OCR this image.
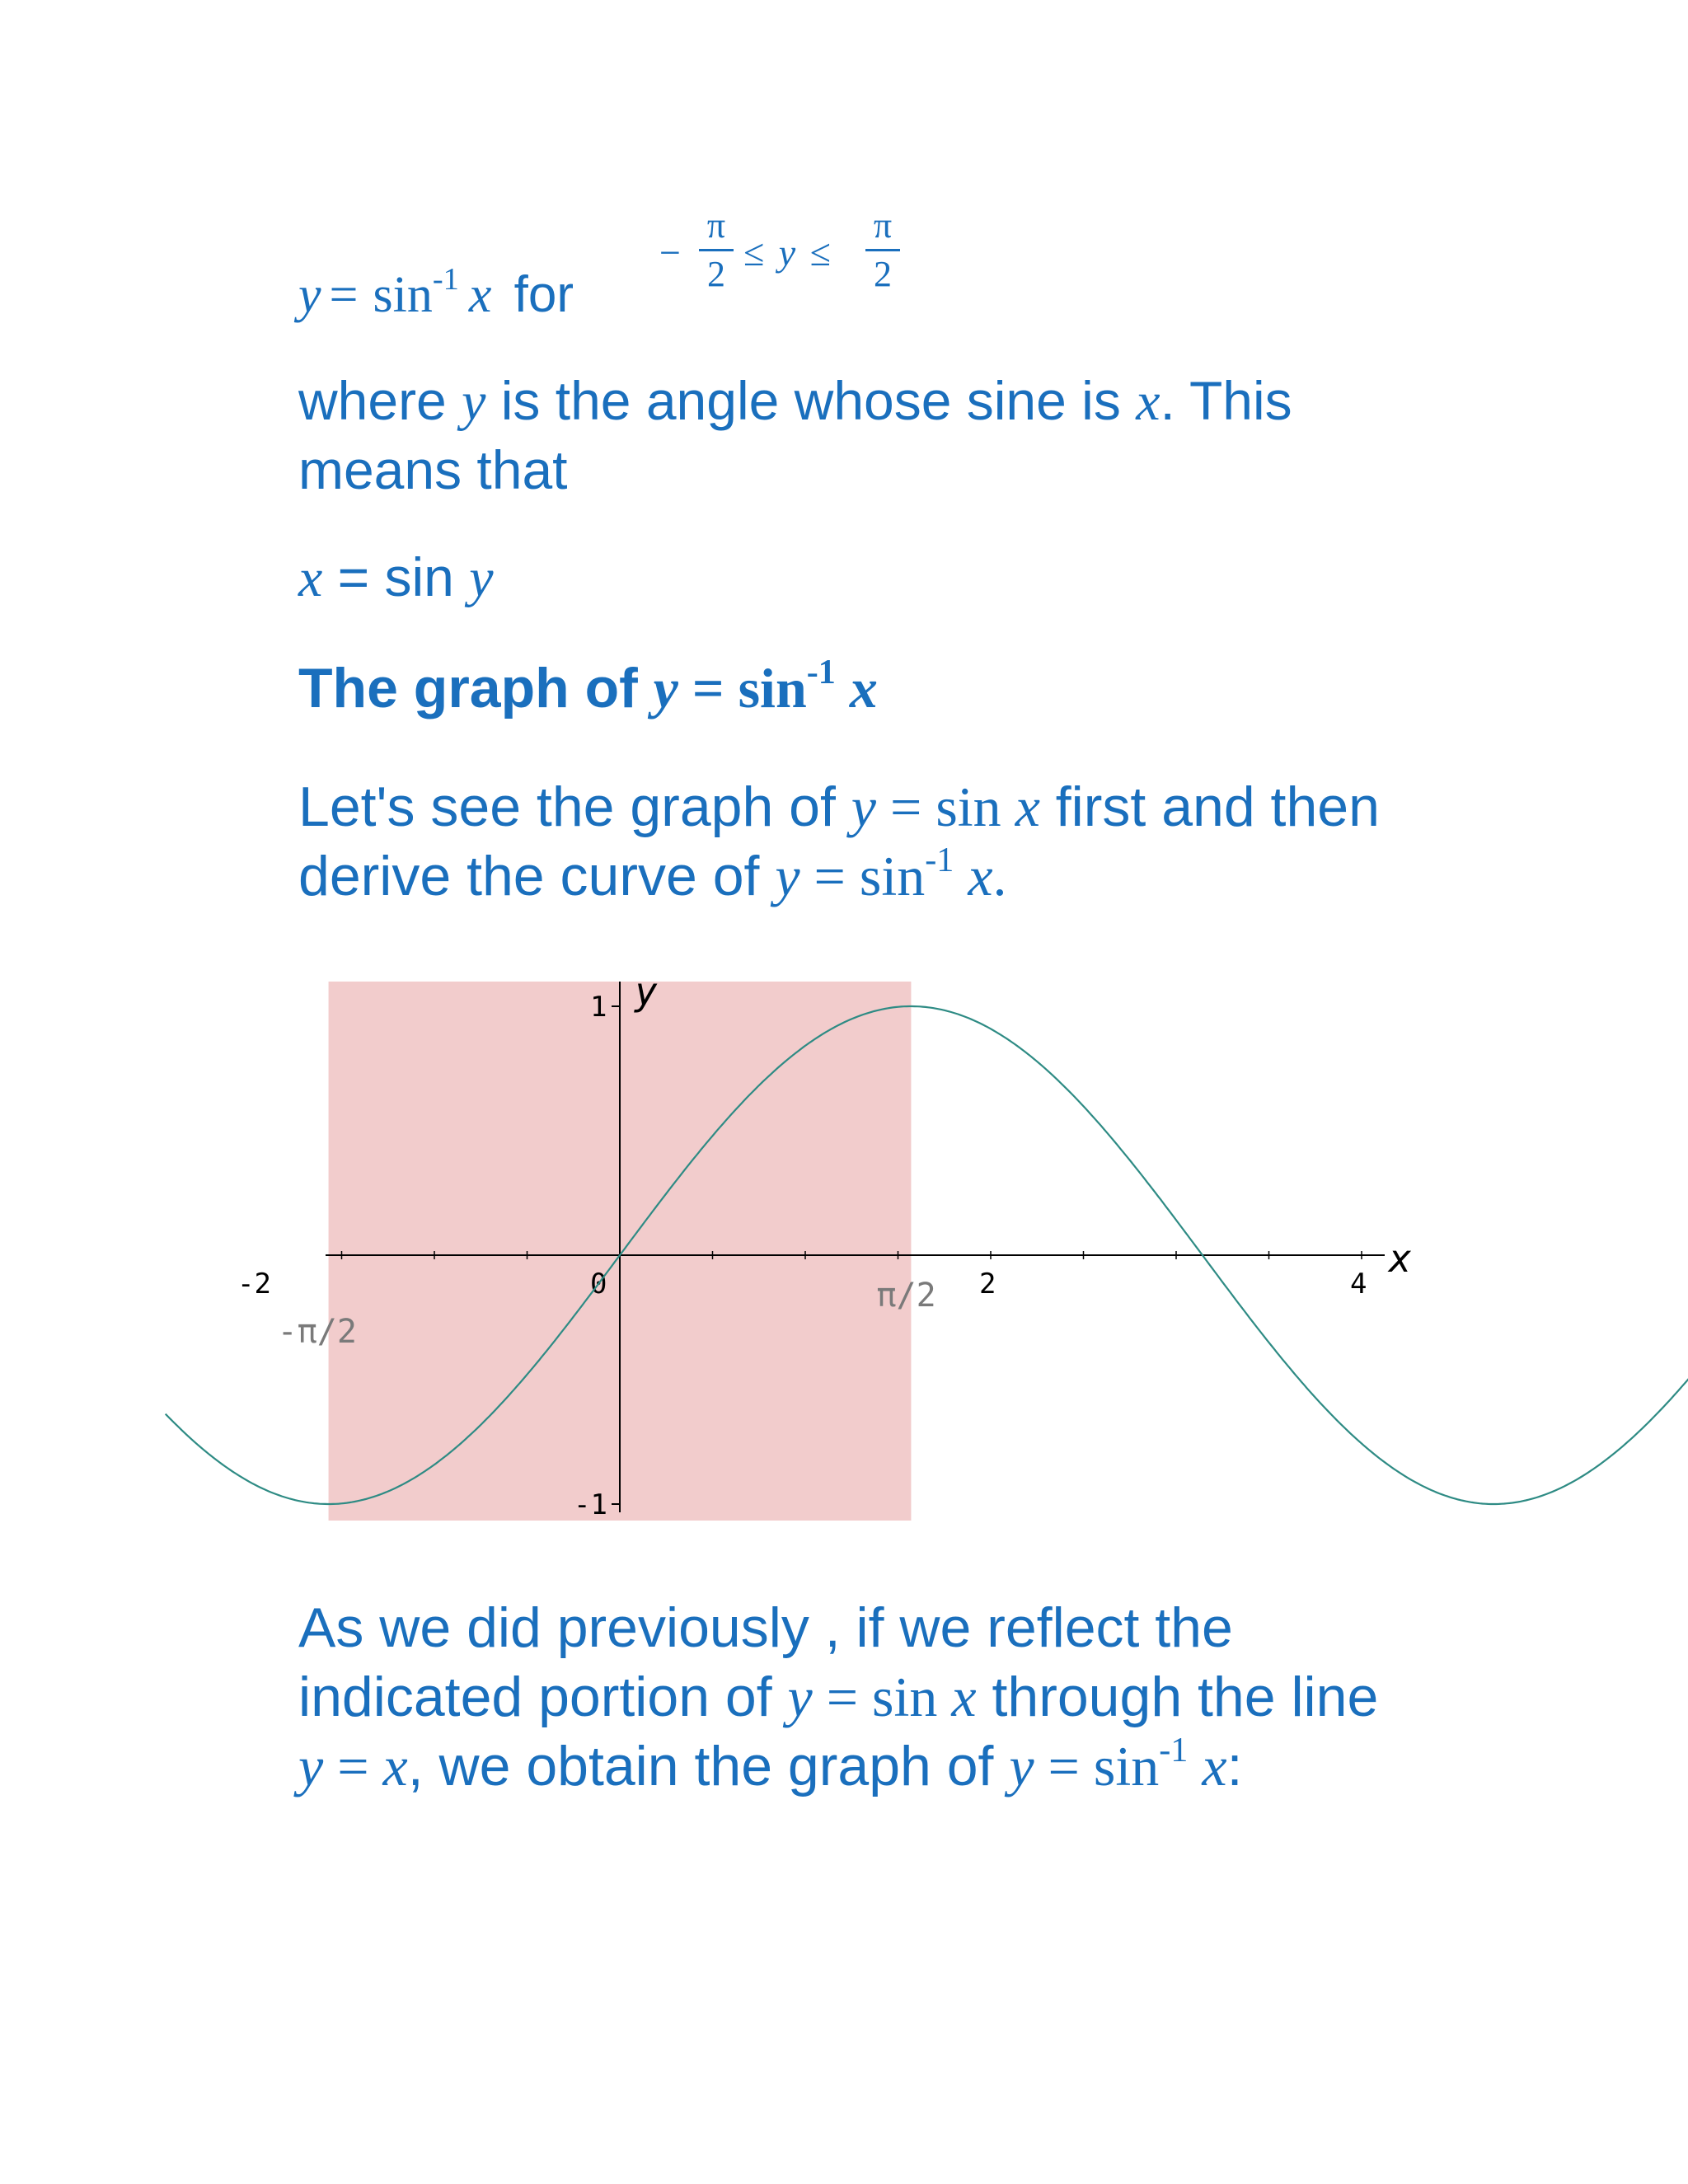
$y = \sin^{-1} x$ for
−
π
2
≤ y ≤
π
2
where y is the angle whose sine is x. This
means that
x = sin y
The graph of $y = \sin^{-1} x$
Let's see the graph of y = sin x first and then
derive the curve of $y = \sin^{-1} x$.
-2	0	2	4
1
-1
x
y
-π/2
π/2
As we did previously , if we reflect the
indicated portion of y = sin x through the line
y = x, we obtain the graph of $y = \sin^{-1} x$:
